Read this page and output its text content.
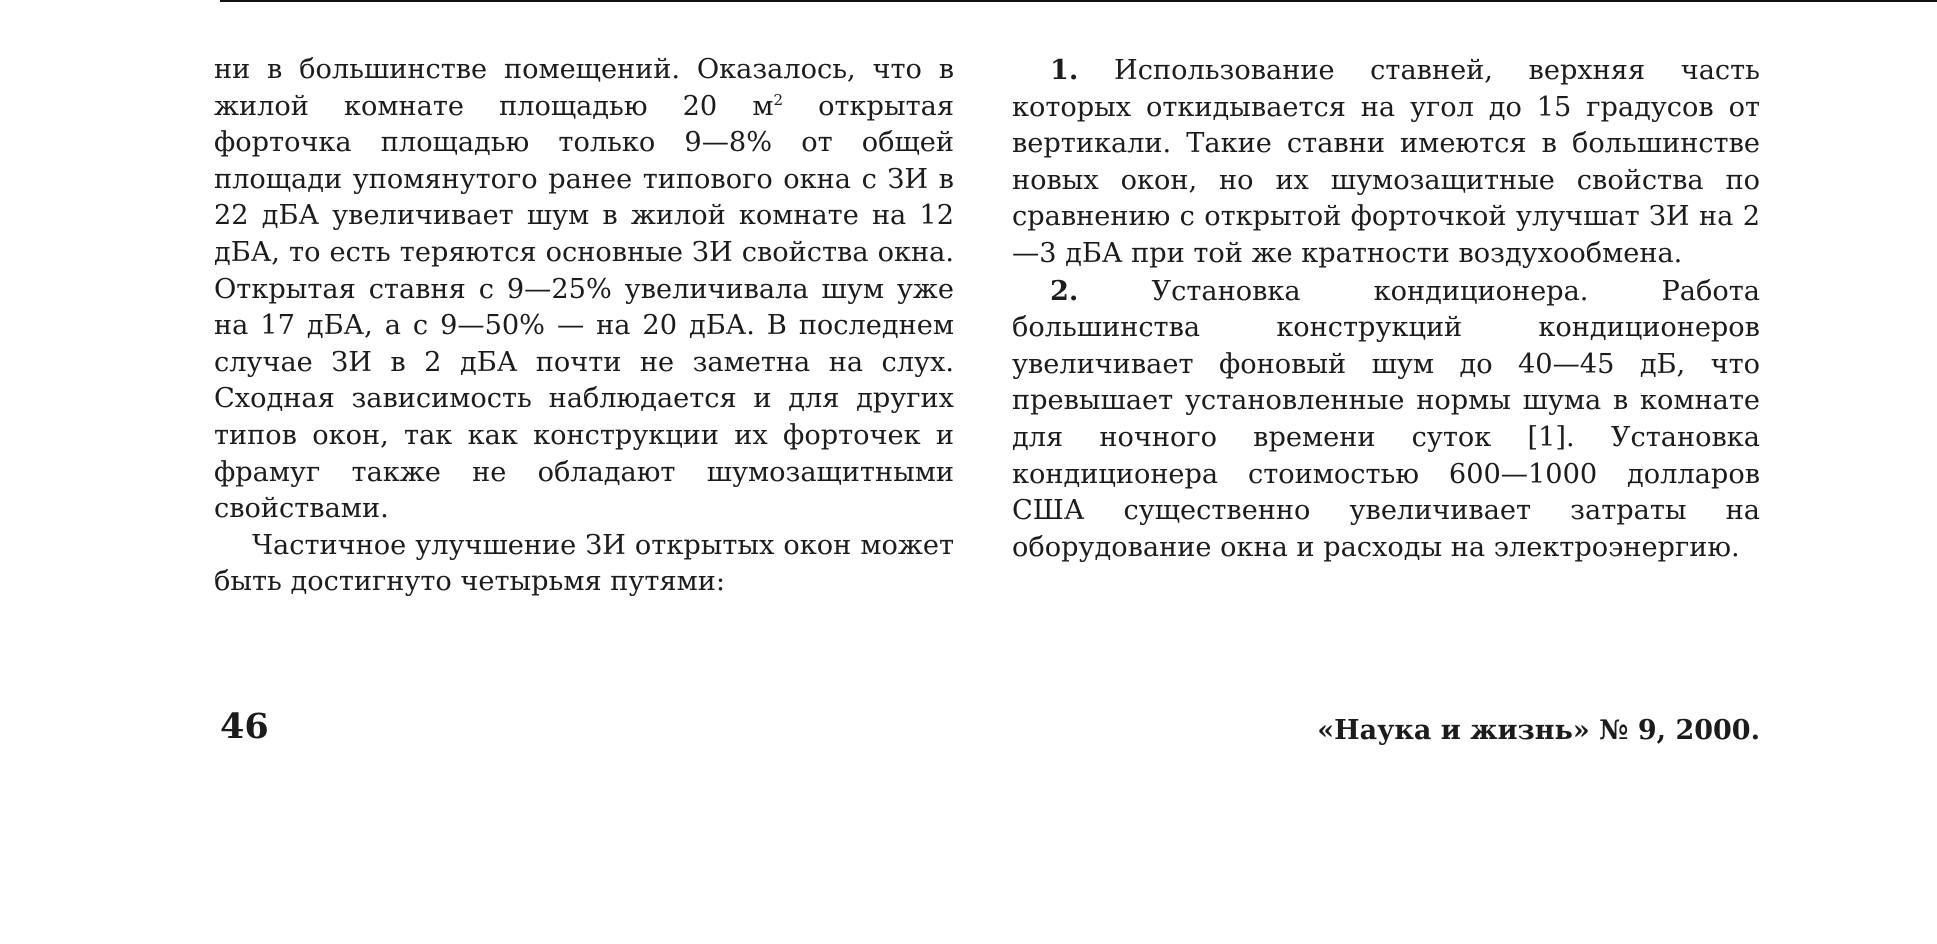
ни в большинстве помещений. Оказалось, что в жилой комнате площадью 20 $м^2$ открытая форточка площадью только 9—8% от общей площади упомянутого ранее типового окна с ЗИ в 22 дБА увеличивает шум в жилой комнате на 12 дБА, то есть теряются основные ЗИ свойства окна. Открытая ставня с 9—25% увеличивала шум уже на 17 дБА, а с 9—50% — на 20 дБА. В последнем случае ЗИ в 2 дБА почти не заметна на слух. Сходная зависимость наблюдается и для других типов окон, так как конструкции их форточек и фрамуг также не обладают шумозащитными свойствами.

Частичное улучшение ЗИ открытых окон может быть достигнуто четырьмя путями:

1. Использование ставней, верхняя часть которых откидывается на угол до 15 градусов от вертикали. Такие ставни имеются в большинстве новых окон, но их шумозащитные свойства по сравнению с открытой форточкой улучшат ЗИ на 2—3 дБА при той же кратности воздухообмена.

2. Установка кондиционера. Работа большинства конструкций кондиционеров увеличивает фоновый шум до 40—45 дБ, что превышает установленные нормы шума в комнате для ночного времени суток [1]. Установка кондиционера стоимостью 600—1000 долларов США существенно увеличивает затраты на оборудование окна и расходы на электроэнергию.

46	«Наука и жизнь» № 9, 2000.
